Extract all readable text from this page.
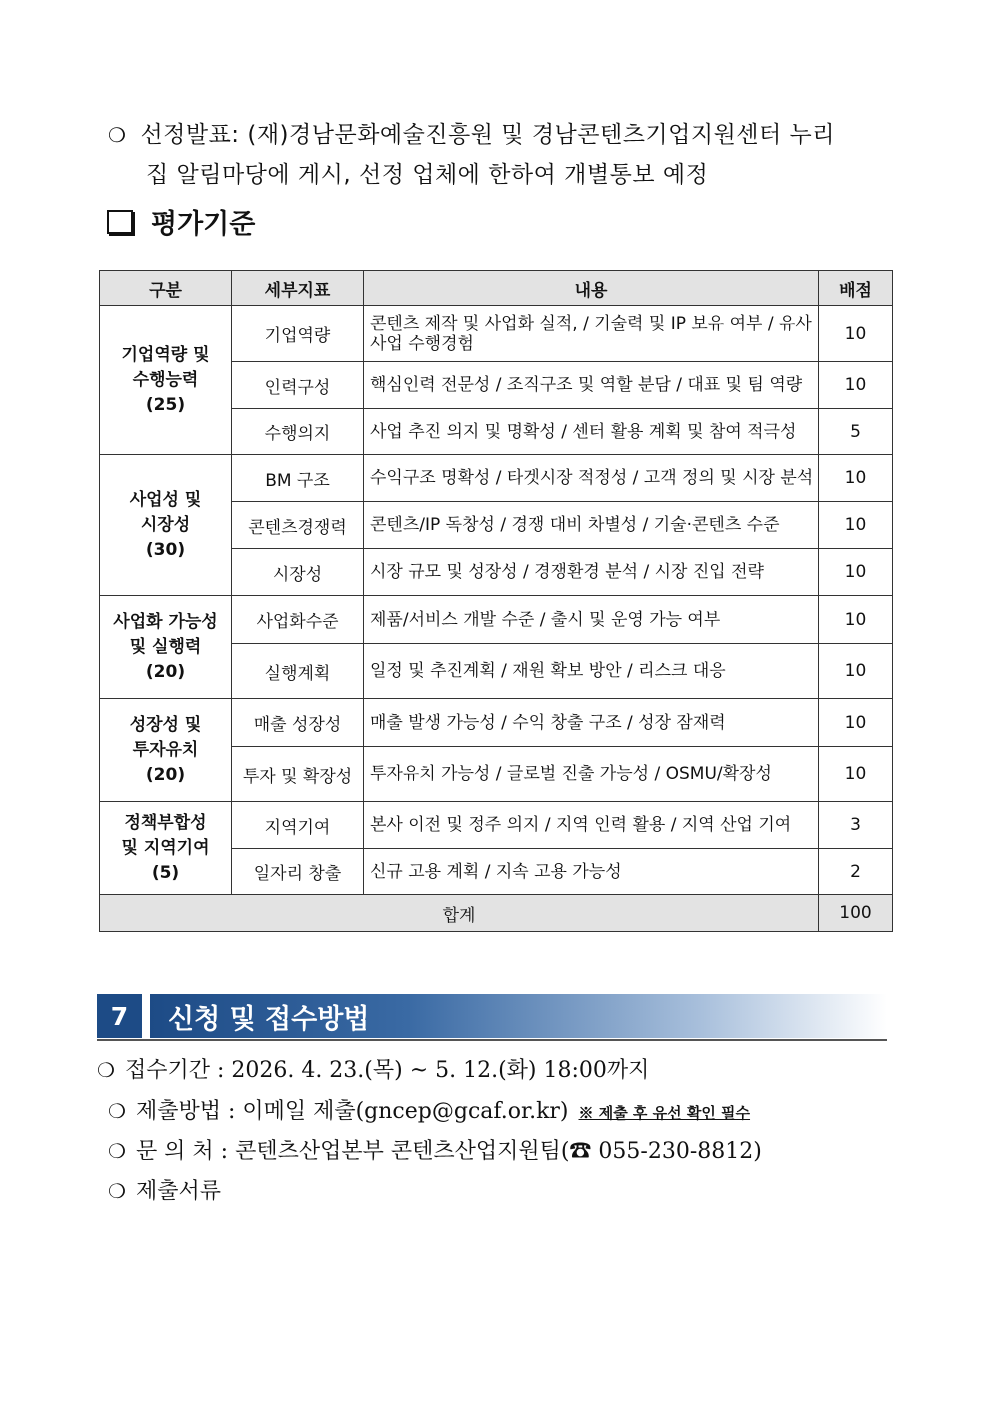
❍ 선정발표: (재)경남문화예술진흥원 및 경남콘텐츠기업지원센터 누리
집 알림마당에 게시, 선정 업체에 한하여 개별통보 예정
평가기준
구분	세부지표	내용	배점

기업역량 및
수행능력
(25)	기업역량	콘텐츠 제작 및 사업화 실적, / 기술력 및 IP 보유 여부 / 유사사업 수행경험	10
	인력구성	핵심인력 전문성 / 조직구조 및 역할 분담 / 대표 및 팀 역량	10
	수행의지	사업 추진 의지 및 명확성 / 센터 활용 계획 및 참여 적극성	5

사업성 및
시장성
(30)	BM 구조	수익구조 명확성 / 타겟시장 적정성 / 고객 정의 및 시장 분석	10
	콘텐츠경쟁력	콘텐츠/IP 독창성 / 경쟁 대비 차별성 / 기술·콘텐츠 수준	10
	시장성	시장 규모 및 성장성 / 경쟁환경 분석 / 시장 진입 전략	10

사업화 가능성
및 실행력
(20)	사업화수준	제품/서비스 개발 수준 / 출시 및 운영 가능 여부	10
	실행계획	일정 및 추진계획 / 재원 확보 방안 / 리스크 대응	10

성장성 및
투자유치
(20)	매출 성장성	매출 발생 가능성 / 수익 창출 구조 / 성장 잠재력	10
	투자 및 확장성	투자유치 가능성 / 글로벌 진출 가능성 / OSMU/확장성	10

정책부합성
및 지역기여
(5)	지역기여	본사 이전 및 정주 의지 / 지역 인력 활용 / 지역 산업 기여	3
	일자리 창출	신규 고용 계획 / 지속 고용 가능성	2
합계			100
7	신청 및 접수방법
❍ 접수기간 : 2026. 4. 23.(목) ~ 5. 12.(화) 18:00까지
❍ 제출방법 : 이메일 제출(gncep@gcaf.or.kr) ※ 제출 후 유선 확인 필수
❍ 문 의 처 : 콘텐츠산업본부 콘텐츠산업지원팀(☎ 055-230-8812)
❍ 제출서류
